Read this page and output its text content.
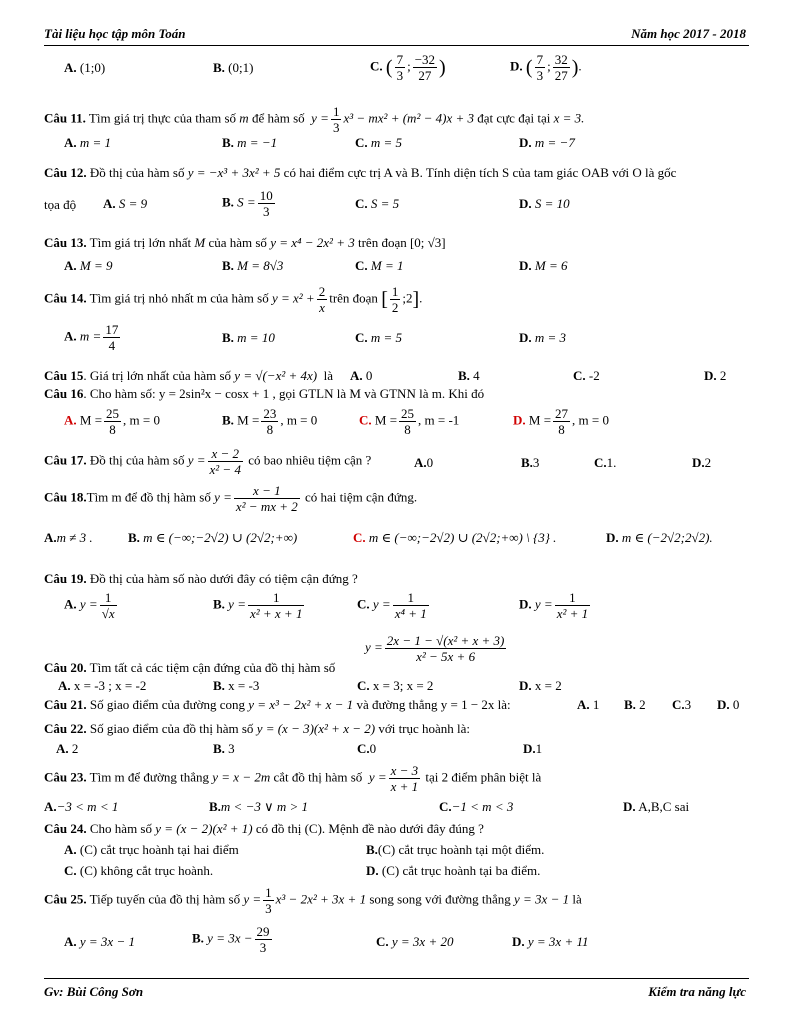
Tài liệu học tập môn Toán	Năm học 2017 - 2018
A. (1;0)	B. (0;1)	C. ( $\frac{7}{3}$ ; $\frac{-32}{27}$ )	D. ( $\frac{7}{3}$ ; $\frac{32}{27}$ ).
Câu 11. Tìm giá trị thực của tham số m để hàm số $y = \frac{1}{3} x^3 - mx^2 + (m^2 - 4)x + 3$ đạt cực đại tại x = 3.
A. m = 1	B. m = −1	C. m = 5	D. m = −7
Câu 12. Đồ thị của hàm số y = −x³ + 3x² + 5 có hai điểm cực trị A và B. Tính diện tích S của tam giác OAB với O là gốc
tọa độ A. S = 9	B. $S = \frac{10}{3}$	C. S = 5	D. S = 10
Câu 13. Tìm giá trị lớn nhất M của hàm số y = x⁴ − 2x² + 3 trên đoạn [0; √3]
A. M = 9	B. M = 8√3	C. M = 1	D. M = 6
Câu 14. Tìm giá trị nhỏ nhất m của hàm số $y = x^2 + \frac{2}{x}$ trên đoạn [ $\frac{1}{2}$ ;2].
A. $m = \frac{17}{4}$	B. m = 10	C. m = 5	D. m = 3
Câu 15. Giá trị lớn nhất của hàm số y = √(−x² + 4x) là A. 0	B. 4	C. -2	D. 2
Câu 16. Cho hàm số: y = 2sin²x − cosx + 1 , gọi GTLN là M và GTNN là m. Khi đó
A. $M = \frac{25}{8}$ , m = 0	B. $M = \frac{23}{8}$ , m = 0	C. $M = \frac{25}{8}$ , m = -1	D. $M = \frac{27}{8}$ , m = 0
Câu 17. Đồ thị của hàm số $y = \frac{x - 2}{\text{x² − 4}}$ có bao nhiêu tiệm cận ?	A.0	B.3	C.1.	D.2
Câu 18.Tìm m để đồ thị hàm số $y = \frac{x - 1}{\text{x² − mx + 2}}$ có hai tiệm cận đứng.
A.m ≠ 3 .	B. m ∈ (−∞;−2√2) ∪ (2√2;+∞)	C. m ∈ (−∞;−2√2) ∪ (2√2;+∞) \ {3} .	D. m ∈ (−2√2;2√2).
Câu 19. Đồ thị của hàm số nào dưới đây có tiệm cận đứng ?
A. $y = \frac{1}{√x}$	B. $y = \frac{1}{\text{x² + x + 1}}$	C. $y = \frac{1}{\text{x⁴ + 1}}$	D. $y = \frac{1}{\text{x² + 1}}$
$y = \frac{\text{2x − 1 − √(x² + x + 3)}}{\text{x² − 5x + 6}}$
Câu 20. Tìm tất cả các tiệm cận đứng của đồ thị hàm số
A. x = -3 ; x = -2	B. x = -3	C. x = 3; x = 2	D. x = 2
Câu 21. Số giao điểm của đường cong y = x³ − 2x² + x − 1 và đường thẳng y = 1 − 2x là:	A. 1 B. 2 C.3 D. 0
Câu 22. Số giao điểm của đồ thị hàm số y = (x − 3)(x² + x − 2) với trục hoành là:
A. 2	B. 3	C.0	D.1
Câu 23. Tìm m để đường thẳng y = x − 2m cắt đồ thị hàm số $y = \frac{x - 3}{x + 1}$ tại 2 điểm phân biệt là
A.−3 < m < 1	B.m < −3 ∨ m > 1	C.−1 < m < 3	D. A,B,C sai
Câu 24. Cho hàm số y = (x − 2)(x² + 1) có đồ thị (C). Mệnh đề nào dưới đây đúng ?
A. (C) cắt trục hoành tại hai điểm	B.(C) cắt trục hoành tại một điểm.
C. (C) không cắt trục hoành.	D. (C) cắt trục hoành tại ba điểm.
Câu 25. Tiếp tuyến của đồ thị hàm số $y = \frac{1}{3} x^3 - 2x^2 + 3x + 1$ song song với đường thẳng y = 3x − 1 là
A. y = 3x − 1	B. $y = 3x - \frac{29}{3}$	C. y = 3x + 20	D. y = 3x + 11
Gv: Bùi Công Sơn	Kiểm tra năng lực
